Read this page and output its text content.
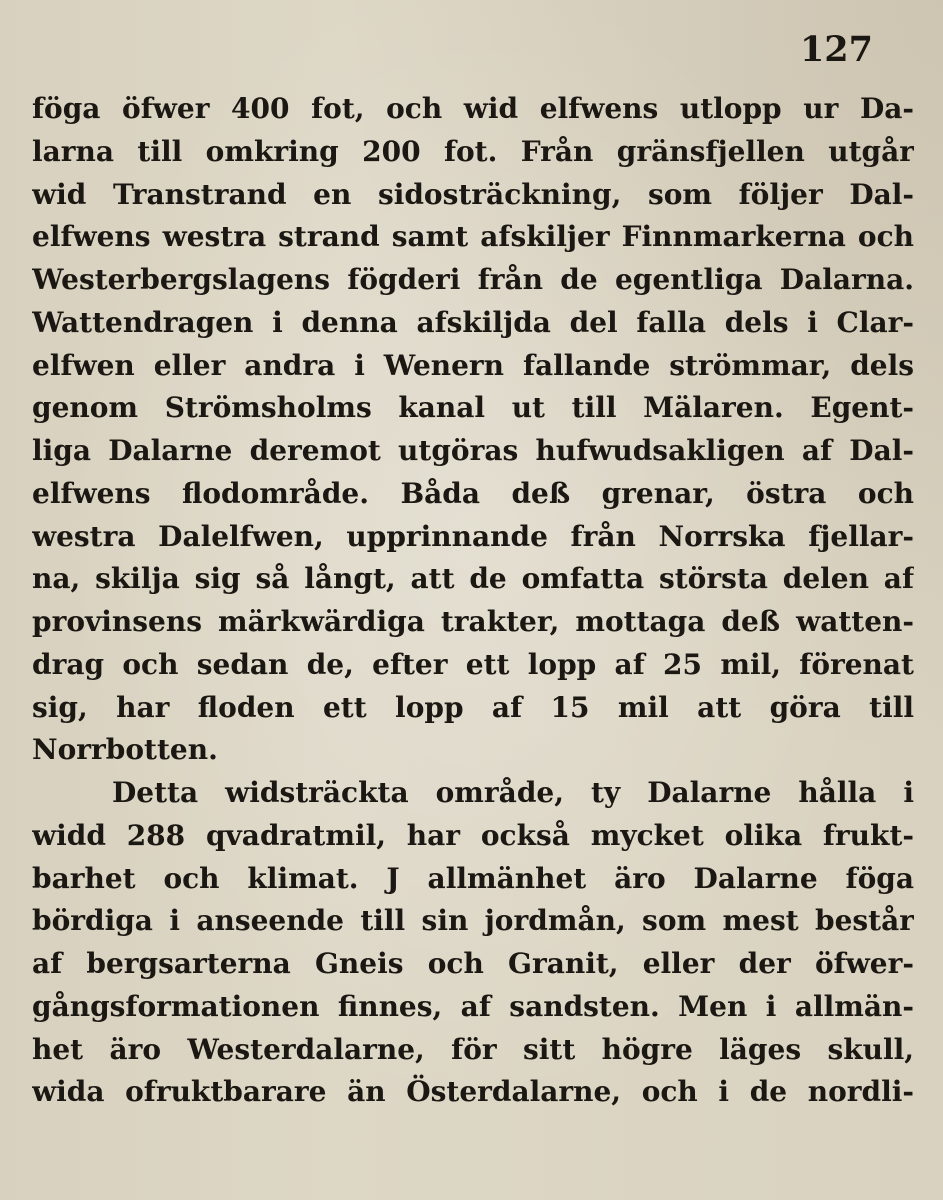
127
föga öfwer 400 fot, och wid elfwens utlopp ur Da-
larna till omkring 200 fot. Från gränsfjellen utgår
wid Transtrand en sidosträckning, som följer Dal-
elfwens westra strand samt afskiljer Finnmarkerna och
Westerbergslagens fögderi från de egentliga Dalarna.
Wattendragen i denna afskiljda del falla dels i Clar-
elfwen eller andra i Wenern fallande strömmar, dels
genom Strömsholms kanal ut till Mälaren. Egent-
liga Dalarne deremot utgöras hufwudsakligen af Dal-
elfwens flodområde. Båda deß grenar, östra och
westra Dalelfwen, upprinnande från Norrska fjellar-
na, skilja sig så långt, att de omfatta största delen af
provinsens märkwärdiga trakter, mottaga deß watten-
drag och sedan de, efter ett lopp af 25 mil, förenat
sig, har floden ett lopp af 15 mil att göra till
Norrbotten.
Detta widsträckta område, ty Dalarne hålla i
widd 288 qvadratmil, har också mycket olika frukt-
barhet och klimat. J allmänhet äro Dalarne föga
bördiga i anseende till sin jordmån, som mest består
af bergsarterna Gneis och Granit, eller der öfwer-
gångsformationen finnes, af sandsten. Men i allmän-
het äro Westerdalarne, för sitt högre läges skull,
wida ofruktbarare än Österdalarne, och i de nordli-
